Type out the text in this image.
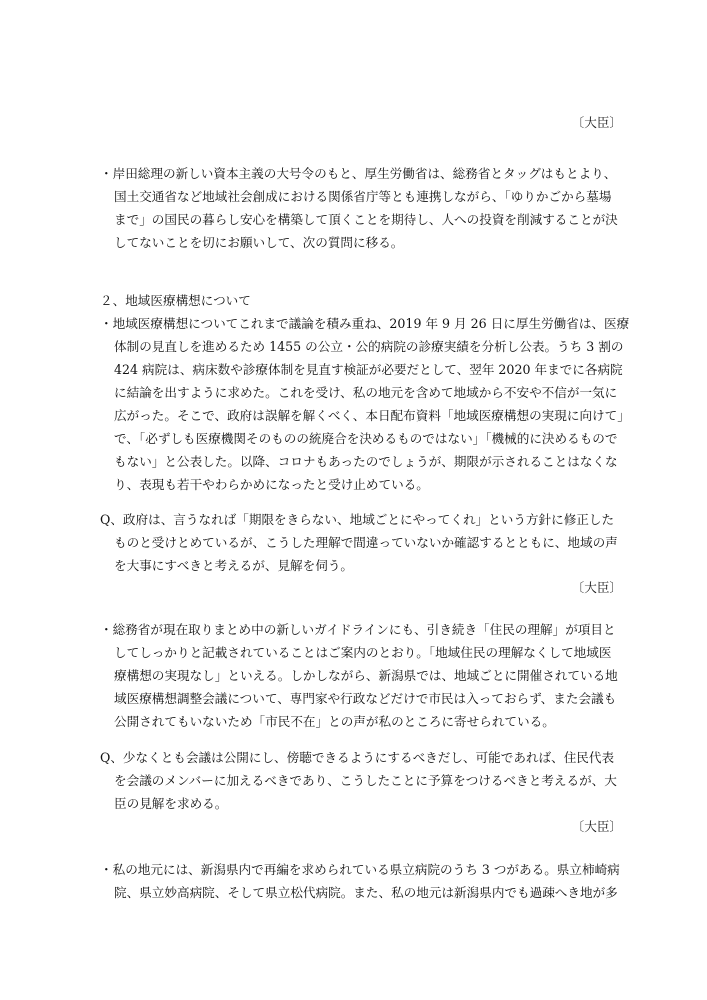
〔大臣〕
・岸田総理の新しい資本主義の大号令のもと、厚生労働省は、総務省とタッグはもとより、
国土交通省など地域社会創成における関係省庁等とも連携しながら、「ゆりかごから墓場
まで」の国民の暮らし安心を構築して頂くことを期待し、人への投資を削減することが決
してないことを切にお願いして、次の質問に移る。
２、地域医療構想について
・地域医療構想についてこれまで議論を積み重ね、2019 年 9 月 26 日に厚生労働省は、医療
体制の見直しを進めるため 1455 の公立・公的病院の診療実績を分析し公表。うち 3 割の
424 病院は、病床数や診療体制を見直す検証が必要だとして、翌年 2020 年までに各病院
に結論を出すように求めた。これを受け、私の地元を含めて地域から不安や不信が一気に
広がった。そこで、政府は誤解を解くべく、本日配布資料「地域医療構想の実現に向けて」
で、「必ずしも医療機関そのものの統廃合を決めるものではない」「機械的に決めるもので
もない」と公表した。以降、コロナもあったのでしょうが、期限が示されることはなくな
り、表現も若干やわらかめになったと受け止めている。
Q、政府は、言うなれば「期限をきらない、地域ごとにやってくれ」という方針に修正した
ものと受けとめているが、こうした理解で間違っていないか確認するとともに、地域の声
を大事にすべきと考えるが、見解を伺う。
〔大臣〕
・総務省が現在取りまとめ中の新しいガイドラインにも、引き続き「住民の理解」が項目と
してしっかりと記載されていることはご案内のとおり。「地域住民の理解なくして地域医
療構想の実現なし」といえる。しかしながら、新潟県では、地域ごとに開催されている地
域医療構想調整会議について、専門家や行政などだけで市民は入っておらず、また会議も
公開されてもいないため「市民不在」との声が私のところに寄せられている。
Q、少なくとも会議は公開にし、傍聴できるようにするべきだし、可能であれば、住民代表
を会議のメンバーに加えるべきであり、こうしたことに予算をつけるべきと考えるが、大
臣の見解を求める。
〔大臣〕
・私の地元には、新潟県内で再編を求められている県立病院のうち 3 つがある。県立柿崎病
院、県立妙高病院、そして県立松代病院。また、私の地元は新潟県内でも過疎へき地が多
